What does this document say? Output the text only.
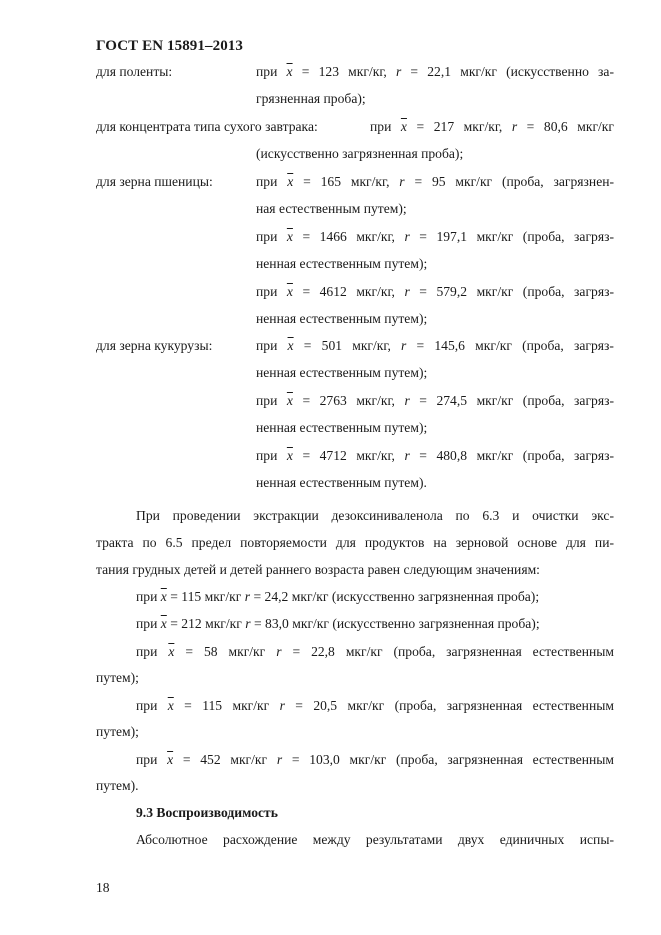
ГОСТ EN 15891–2013
для поленты:	при $\overline{x} = 123$ мкг/кг, r = 22,1 мкг/кг (искусственно за-
грязненная проба);
для концентрата типа сухого завтрака:	при $\overline{x} = 217$ мкг/кг, r = 80,6 мкг/кг
(искусственно загрязненная проба);
для зерна пшеницы:	при $\overline{x} = 165$ мкг/кг, r = 95 мкг/кг (проба, загрязнен-
ная естественным путем);
при $\overline{x} = 1466$ мкг/кг, r = 197,1 мкг/кг (проба, загряз-
ненная естественным путем);
при $\overline{x} = 4612$ мкг/кг, r = 579,2 мкг/кг (проба, загряз-
ненная естественным путем);
для зерна кукурузы:	при $\overline{x} = 501$ мкг/кг, r = 145,6 мкг/кг (проба, загряз-
ненная естественным путем);
при $\overline{x} = 2763$ мкг/кг, r = 274,5 мкг/кг (проба, загряз-
ненная естественным путем);
при $\overline{x} = 4712$ мкг/кг, r = 480,8 мкг/кг (проба, загряз-
ненная естественным путем).
При проведении экстракции дезоксиниваленола по 6.3 и очистки экс-
тракта по 6.5 предел повторяемости для продуктов на зерновой основе для пи-
тания грудных детей и детей раннего возраста равен следующим значениям:
при $\overline{x} = 115$ мкг/кг r = 24,2 мкг/кг (искусственно загрязненная проба);
при $\overline{x} = 212$ мкг/кг r = 83,0 мкг/кг (искусственно загрязненная проба);
при $\overline{x} = 58$ мкг/кг r = 22,8 мкг/кг (проба, загрязненная естественным
путем);
при $\overline{x} = 115$ мкг/кг r = 20,5 мкг/кг (проба, загрязненная естественным
путем);
при $\overline{x} = 452$ мкг/кг r = 103,0 мкг/кг (проба, загрязненная естественным
путем).
9.3 Воспроизводимость
Абсолютное расхождение между результатами двух единичных испы-
18
